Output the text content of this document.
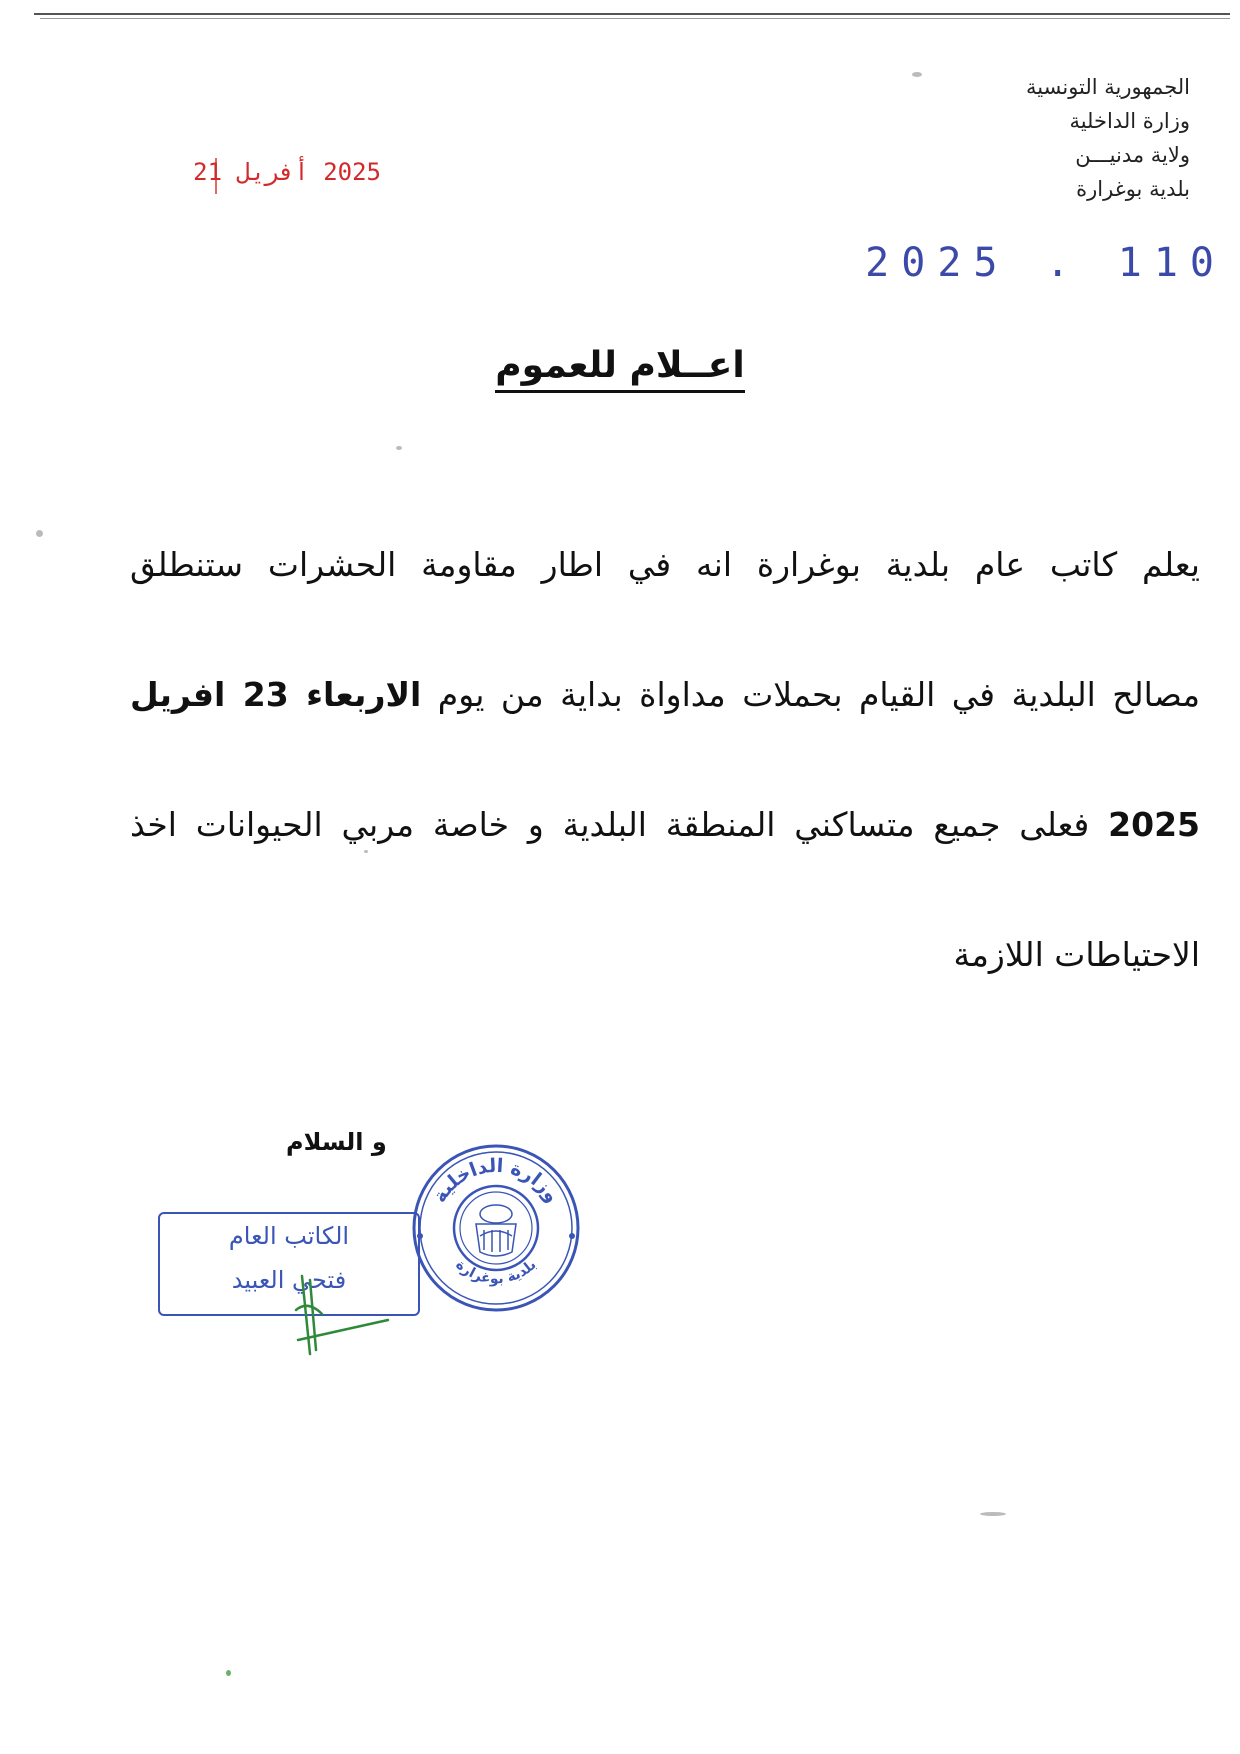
الجمهورية التونسية
وزارة الداخلية
ولاية مدنيـــن
بلدية بوغرارة
2025 أفريل 21
2025 . 110
اعــلام للعموم
يعلم كاتب عام بلدية بوغرارة انه في اطار مقاومة الحشرات ستنطلق
مصالح البلدية في القيام بحملات مداواة بداية من يوم الاربعاء 23 افريل
2025 فعلى جميع متساكني المنطقة البلدية و خاصة مربي الحيوانات اخذ
الاحتياطات اللازمة
و السلام
الكاتب العام
فتحي العبيد
وزارة الداخلية
بلدية بوغرارة
